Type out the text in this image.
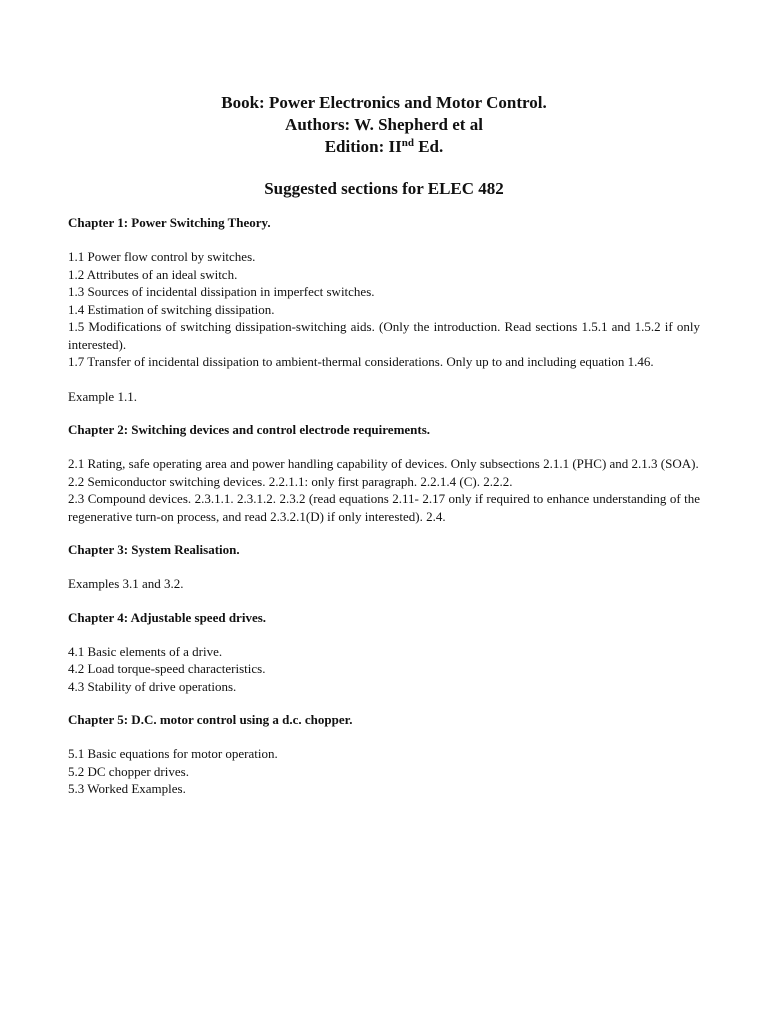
Book: Power Electronics and Motor Control.
Authors: W. Shepherd et al
Edition: IInd Ed.
Suggested sections for ELEC 482
Chapter 1: Power Switching Theory.
1.1 Power flow control by switches.
1.2 Attributes of an ideal switch.
1.3 Sources of incidental dissipation in imperfect switches.
1.4 Estimation of switching dissipation.
1.5 Modifications of switching dissipation-switching aids. (Only the introduction. Read sections 1.5.1 and 1.5.2 if only interested).
1.7 Transfer of incidental dissipation to ambient-thermal considerations. Only up to and including equation 1.46.
Example 1.1.
Chapter 2: Switching devices and control electrode requirements.
2.1 Rating, safe operating area and power handling capability of devices. Only subsections 2.1.1 (PHC) and 2.1.3 (SOA).
2.2 Semiconductor switching devices. 2.2.1.1: only first paragraph. 2.2.1.4 (C). 2.2.2.
2.3 Compound devices. 2.3.1.1. 2.3.1.2. 2.3.2 (read equations 2.11- 2.17 only if required to enhance understanding of the regenerative turn-on process, and read 2.3.2.1(D) if only interested). 2.4.
Chapter 3: System Realisation.
Examples 3.1 and 3.2.
Chapter 4: Adjustable speed drives.
4.1 Basic elements of a drive.
4.2 Load torque-speed characteristics.
4.3 Stability of drive operations.
Chapter 5: D.C. motor control using a d.c. chopper.
5.1 Basic equations for motor operation.
5.2 DC chopper drives.
5.3 Worked Examples.
